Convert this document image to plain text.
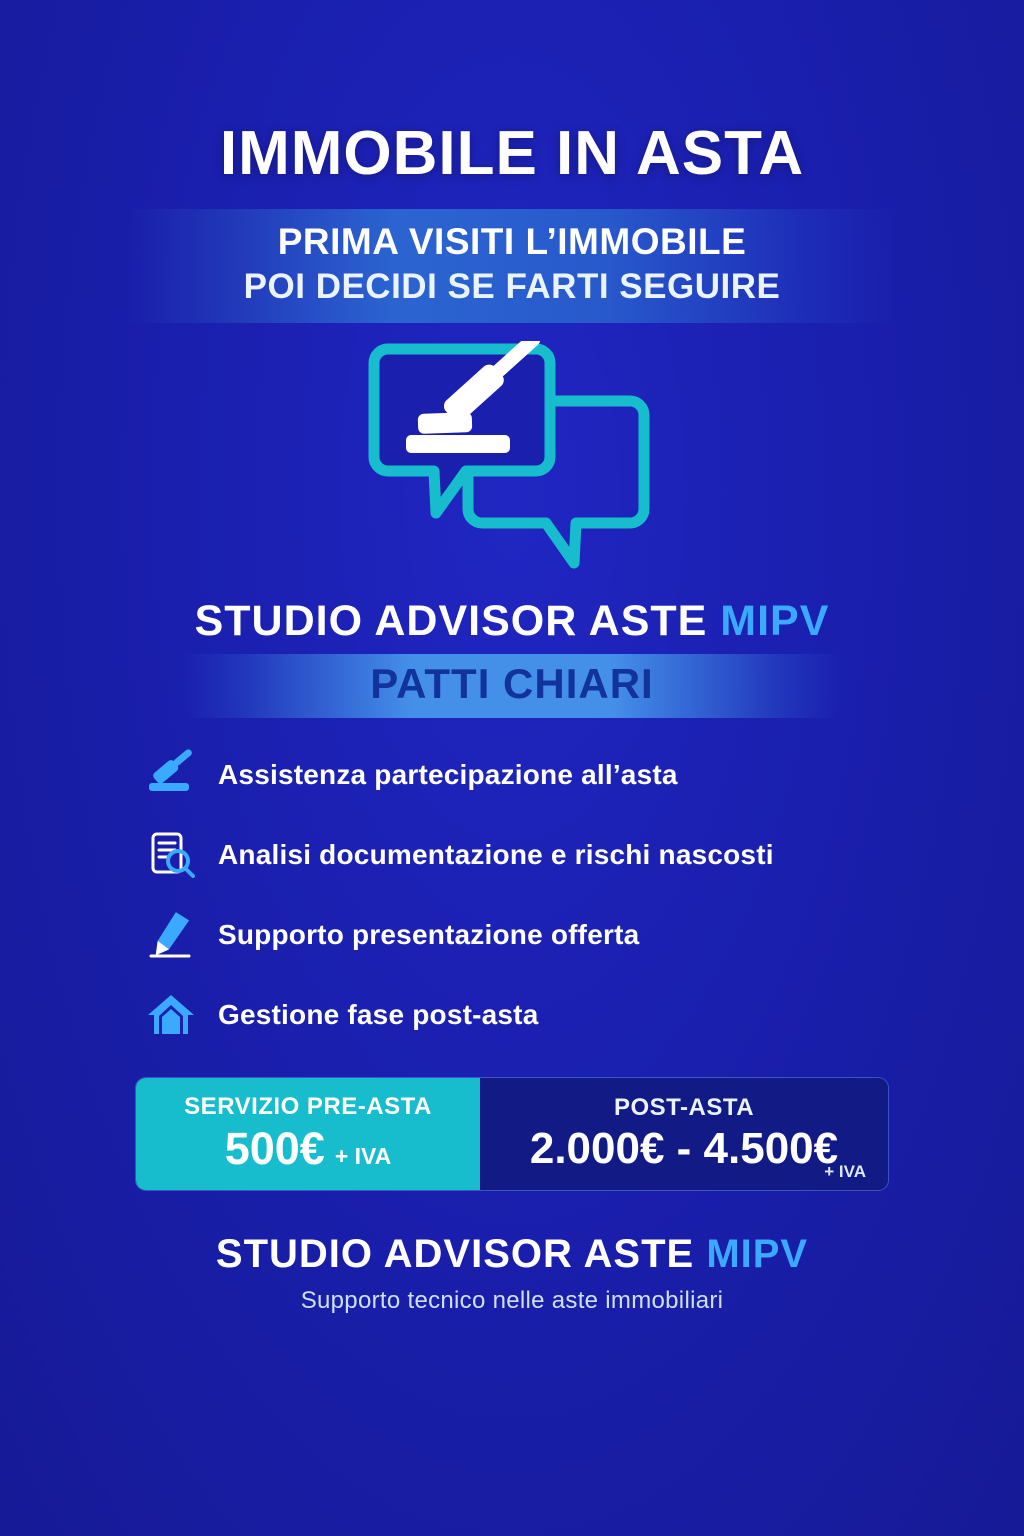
IMMOBILE IN ASTA
PRIMA VISITI L’IMMOBILE
POI DECIDI SE FARTI SEGUIRE
STUDIO ADVISOR ASTE MIPV
PATTI CHIARI
Assistenza partecipazione all’asta
Analisi documentazione e rischi nascosti
Supporto presentazione offerta
Gestione fase post-asta
SERVIZIO PRE-ASTA
500€ + IVA
POST-ASTA
2.000€ - 4.500€
+ IVA
STUDIO ADVISOR ASTE MIPV
Supporto tecnico nelle aste immobiliari
